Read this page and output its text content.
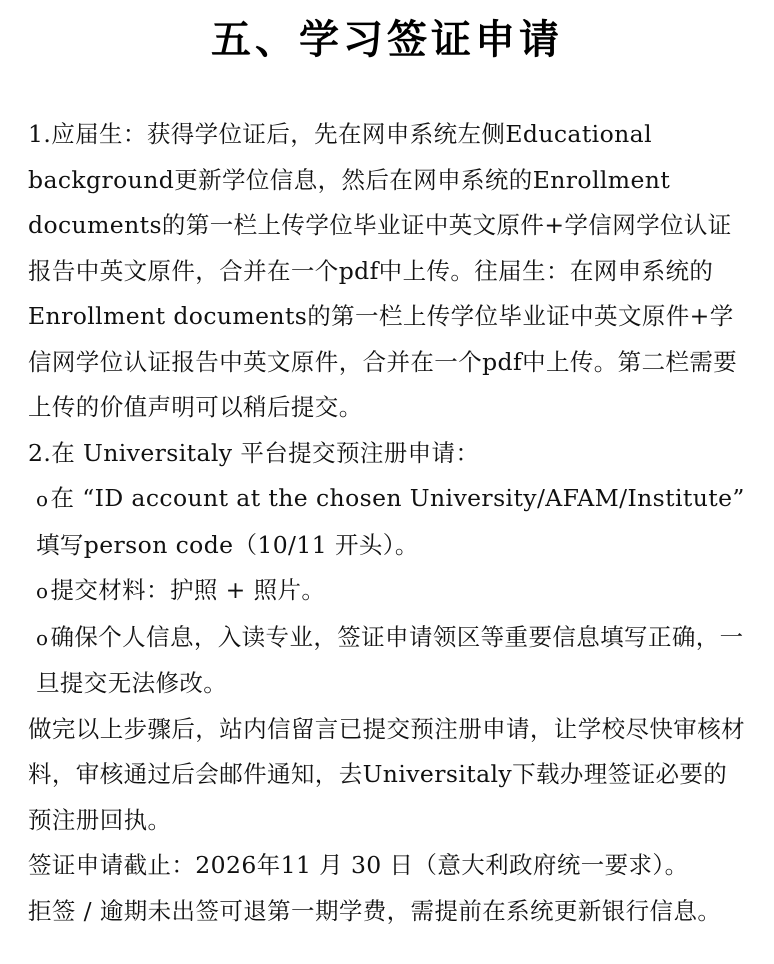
五、学习签证申请

1.应届生：获得学位证后，先在网申系统左侧Educational background更新学位信息，然后在网申系统的Enrollment documents的第一栏上传学位毕业证中英文原件+学信网学位认证报告中英文原件，合并在一个pdf中上传。往届生：在网申系统的Enrollment documents的第一栏上传学位毕业证中英文原件+学信网学位认证报告中英文原件，合并在一个pdf中上传。第二栏需要上传的价值声明可以稍后提交。

2.在 Universitaly 平台提交预注册申请：

o在 “ID account at the chosen University/AFAM/Institute” 填写person code（10/11 开头）。

o提交材料：护照 + 照片。

o确保个人信息，入读专业，签证申请领区等重要信息填写正确，一旦提交无法修改。

做完以上步骤后，站内信留言已提交预注册申请，让学校尽快审核材料，审核通过后会邮件通知，去Universitaly下载办理签证必要的预注册回执。

签证申请截止：2026年11 月 30 日（意大利政府统一要求）。

拒签 / 逾期未出签可退第一期学费，需提前在系统更新银行信息。
